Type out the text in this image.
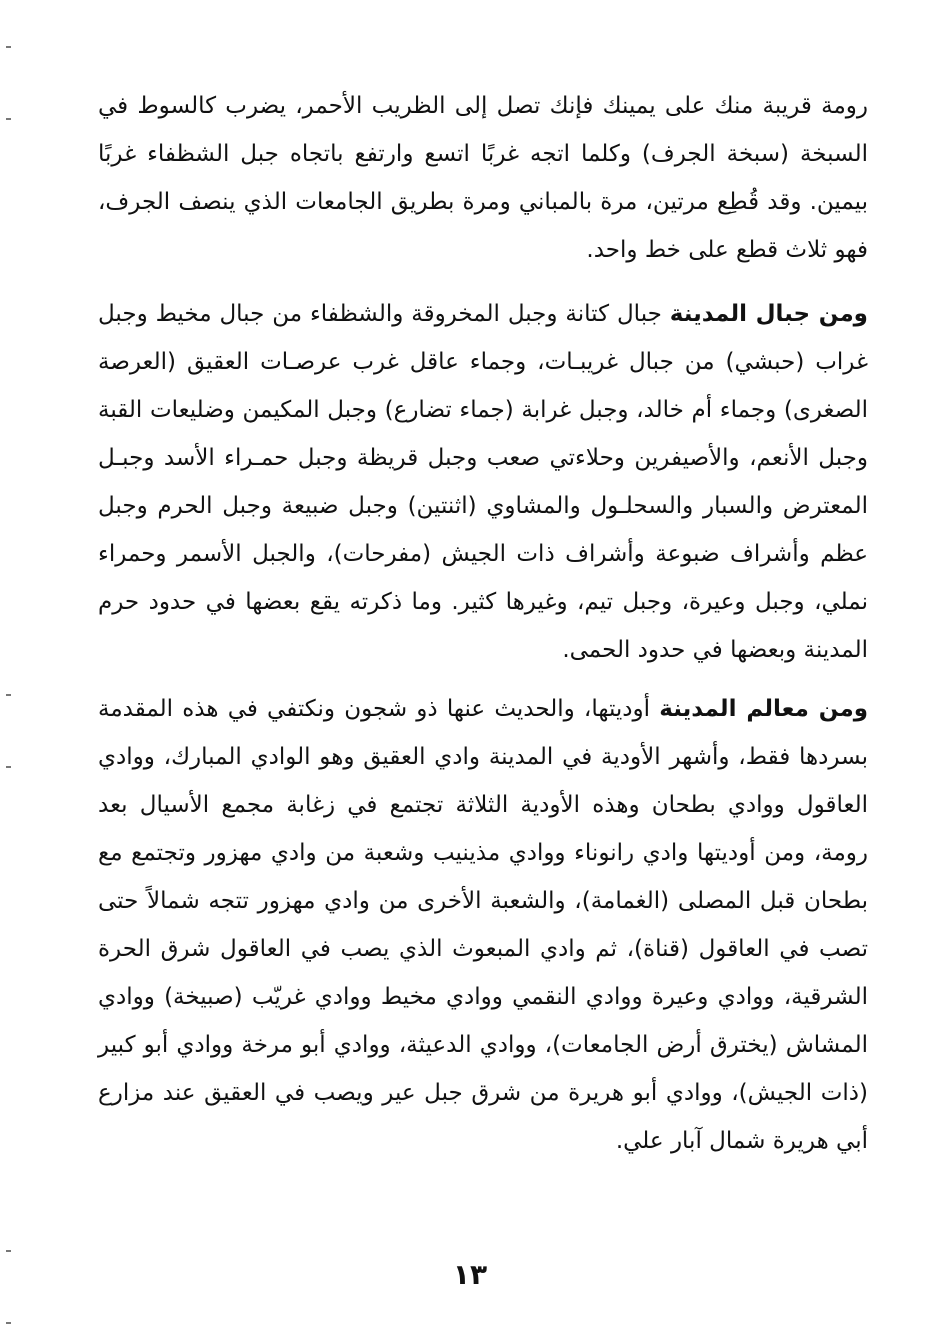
رومة قريبة منك على يمينك فإنك تصل إلى الظريب الأحمر، يضرب كالسوط في السبخة (سبخة الجرف) وكلما اتجه غربًا اتسع وارتفع باتجاه جبل الشظفاء غربًا بيمين. وقد قُطِع مرتين، مرة بالمباني ومرة بطريق الجامعات الذي ينصف الجرف، فهو ثلاث قطع على خط واحد.

ومن جبال المدينة جبال كتانة وجبل المخروقة والشظفاء من جبال مخيط وجبل غراب (حبشي) من جبال غريبـات، وجماء عاقل غرب عرصـات العقيق (العرصة الصغرى) وجماء أم خالد، وجبل غرابة (جماء تضارع) وجبل المكيمن وضليعات القبة وجبل الأنعم، والأصيفرين وحلاءتي صعب وجبل قريظة وجبل حمـراء الأسد وجبـل المعترض والسبار والسحلـول والمشاوي (اثنتين) وجبل ضبيعة وجبل الحرم وجبل عظم وأشراف ضبوعة وأشراف ذات الجيش (مفرحات)، والجبل الأسمر وحمراء نملي، وجبل وعيرة، وجبل تيم، وغيرها كثير. وما ذكرته يقع بعضها في حدود حرم المدينة وبعضها في حدود الحمى.

ومن معالم المدينة أوديتها، والحديث عنها ذو شجون ونكتفي في هذه المقدمة بسردها فقط، وأشهر الأودية في المدينة وادي العقيق وهو الوادي المبارك، ووادي العاقول ووادي بطحان وهذه الأودية الثلاثة تجتمع في زغابة مجمع الأسيال بعد رومة، ومن أوديتها وادي رانوناء ووادي مذينيب وشعبة من وادي مهزور وتجتمع مع بطحان قبل المصلى (الغمامة)، والشعبة الأخرى من وادي مهزور تتجه شمالاً حتى تصب في العاقول (قناة)، ثم وادي المبعوث الذي يصب في العاقول شرق الحرة الشرقية، ووادي وعيرة ووادي النقمي ووادي مخيط ووادي غريّب (صبيخة) ووادي المشاش (يخترق أرض الجامعات)، ووادي الدعيثة، ووادي أبو مرخة ووادي أبو كبير (ذات الجيش)، ووادي أبو هريرة من شرق جبل عير ويصب في العقيق عند مزارع أبي هريرة شمال آبار علي.

١٣
